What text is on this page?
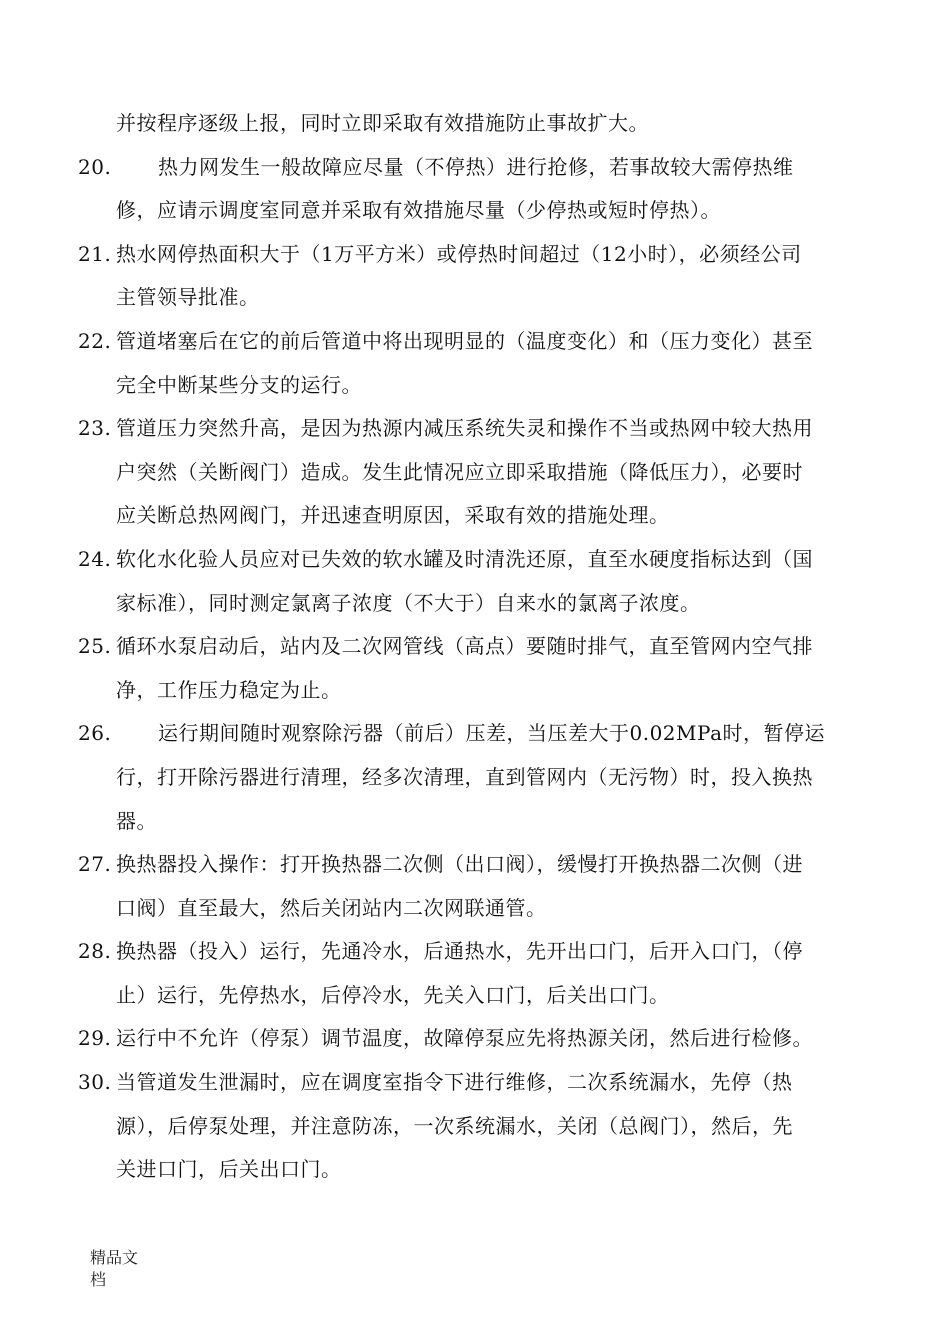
并按程序逐级上报，同时立即采取有效措施防止事故扩大。
20. 热力网发生一般故障应尽量（不停热）进行抢修，若事故较大需停热维
修，应请示调度室同意并采取有效措施尽量（少停热或短时停热）。
21. 热水网停热面积大于（1万平方米）或停热时间超过（12小时），必须经公司
主管领导批准。
22. 管道堵塞后在它的前后管道中将出现明显的（温度变化）和（压力变化）甚至
完全中断某些分支的运行。
23. 管道压力突然升高，是因为热源内减压系统失灵和操作不当或热网中较大热用
户突然（关断阀门）造成。发生此情况应立即采取措施（降低压力），必要时
应关断总热网阀门，并迅速查明原因，采取有效的措施处理。
24. 软化水化验人员应对已失效的软水罐及时清洗还原，直至水硬度指标达到（国
家标准），同时测定氯离子浓度（不大于）自来水的氯离子浓度。
25. 循环水泵启动后，站内及二次网管线（高点）要随时排气，直至管网内空气排
净，工作压力稳定为止。
26. 运行期间随时观察除污器（前后）压差，当压差大于0.02MPa时，暂停运
行，打开除污器进行清理，经多次清理，直到管网内（无污物）时，投入换热
器。
27. 换热器投入操作：打开换热器二次侧（出口阀），缓慢打开换热器二次侧（进
口阀）直至最大，然后关闭站内二次网联通管。
28. 换热器（投入）运行，先通冷水，后通热水，先开出口门，后开入口门，（停
止）运行，先停热水，后停冷水，先关入口门，后关出口门。
29. 运行中不允许（停泵）调节温度，故障停泵应先将热源关闭，然后进行检修。
30. 当管道发生泄漏时，应在调度室指令下进行维修，二次系统漏水，先停（热
源），后停泵处理，并注意防冻，一次系统漏水，关闭（总阀门），然后，先
关进口门，后关出口门。
精品文
档
